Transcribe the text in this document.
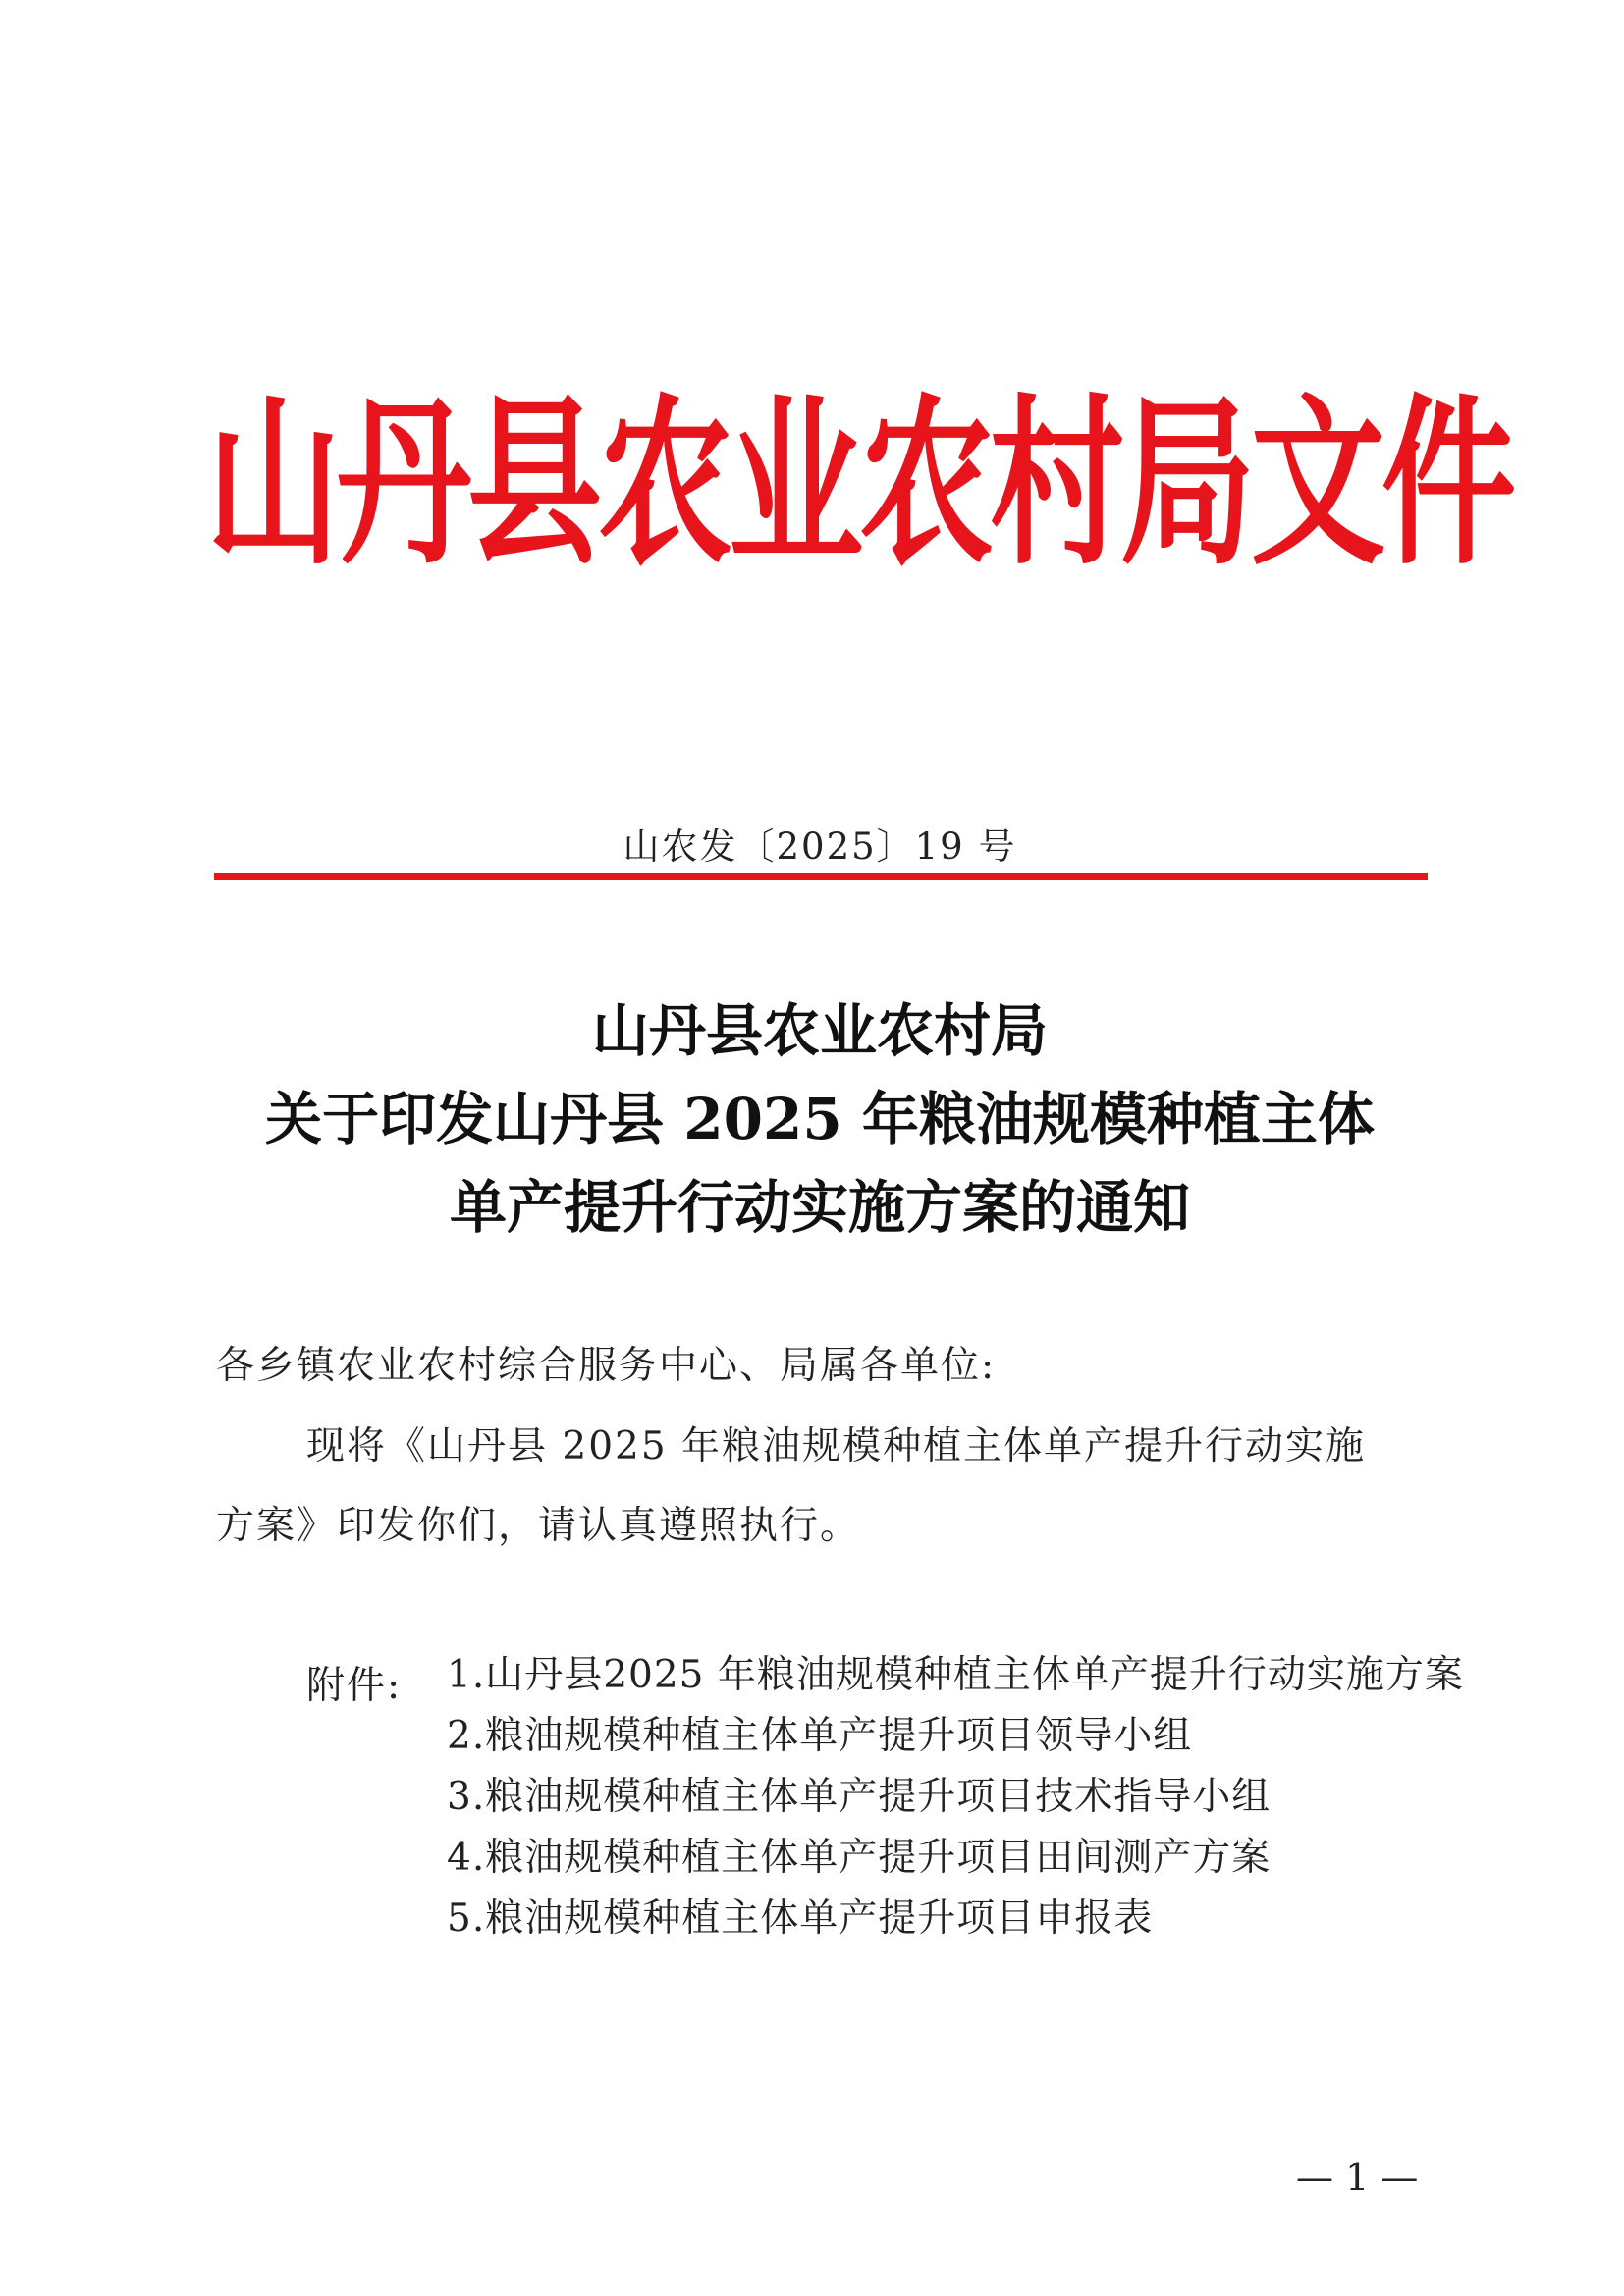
山丹县农业农村局文件
山农发〔2025〕19 号
山丹县农业农村局
关于印发山丹县 2025 年粮油规模种植主体
单产提升行动实施方案的通知
各乡镇农业农村综合服务中心、局属各单位:
现将《山丹县 2025 年粮油规模种植主体单产提升行动实施
方案》印发你们，请认真遵照执行。
附件: 1.山丹县2025 年粮油规模种植主体单产提升行动实施方案
2.粮油规模种植主体单产提升项目领导小组
3.粮油规模种植主体单产提升项目技术指导小组
4.粮油规模种植主体单产提升项目田间测产方案
5.粮油规模种植主体单产提升项目申报表
— 1 —
